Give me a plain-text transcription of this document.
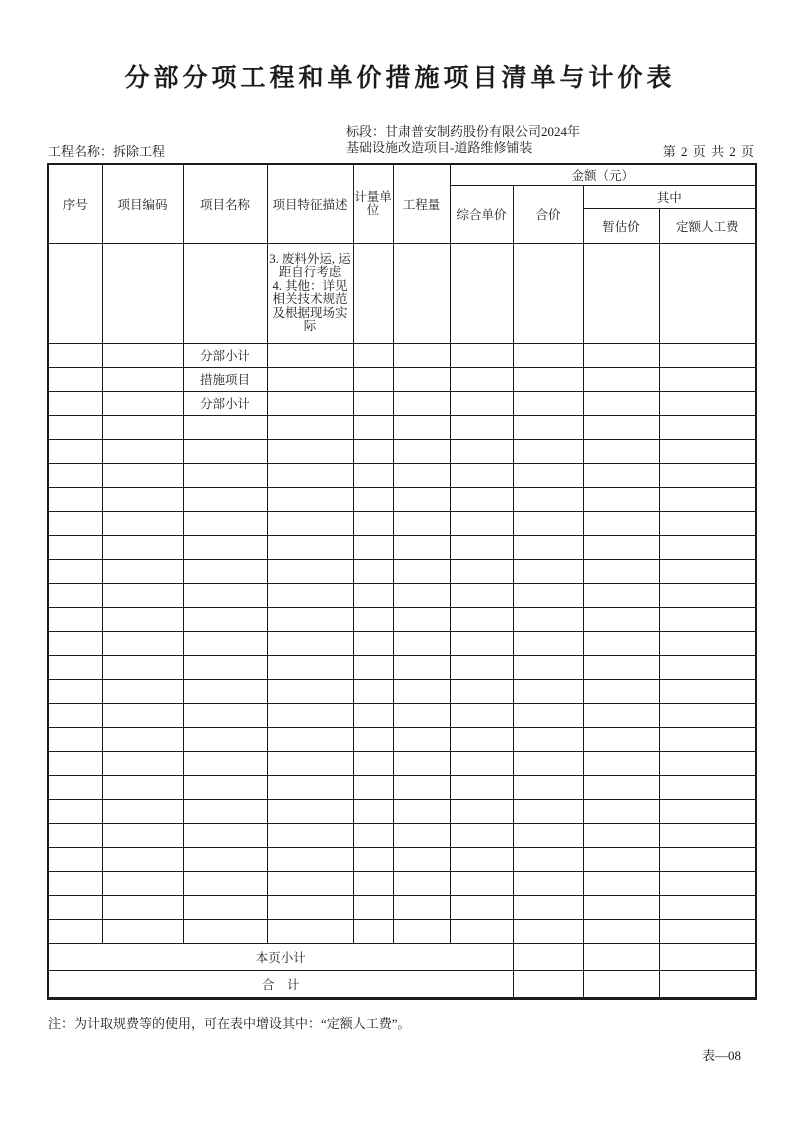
分部分项工程和单价措施项目清单与计价表
工程名称：拆除工程
标段：甘肃普安制药股份有限公司2024年
基础设施改造项目-道路维修铺装	第 2 页 共 2 页
序号	项目编码	项目名称	项目特征描述	计量单位	工程量	金额（元）			
						综合单价	合价	其中	
								暂估价	定额人工费

			3. 废料外运, 运距自行考虑
4. 其他：详见相关技术规范及根据现场实际						

		分部小计							
		措施项目							
		分部小计							

本页小计									
合　计									
注：为计取规费等的使用，可在表中增设其中：“定额人工费”。
表—08
